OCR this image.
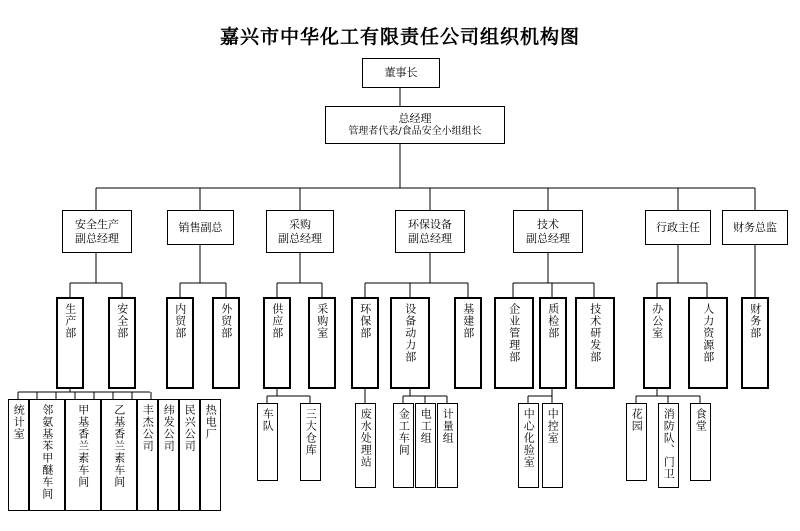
嘉兴市中华化工有限责任公司组织机构图
董事长
总经理
管理者代表/食品安全小组组长
安全生产
副总经理
销售副总	采购
副总经理
环保设备
副总经理
技术
副总经理
行政主任	财务总监
生产部	安全部	内贸部	外贸部	供应部	采购室	环保部	设备动力部	基建部	企业管理部 质检部	技术研发部	办公室	人力资源部	财务部
统计室 邻氨基苯甲醚车间 甲基香兰素车间 乙基香兰素车间 丰杰公司 纬发公司 民兴公司 热电厂	车队	三大仓库	废水处理站 金工车间 电工组 计量组	中心化验室 中控室	花园 消防队、门卫 食堂
